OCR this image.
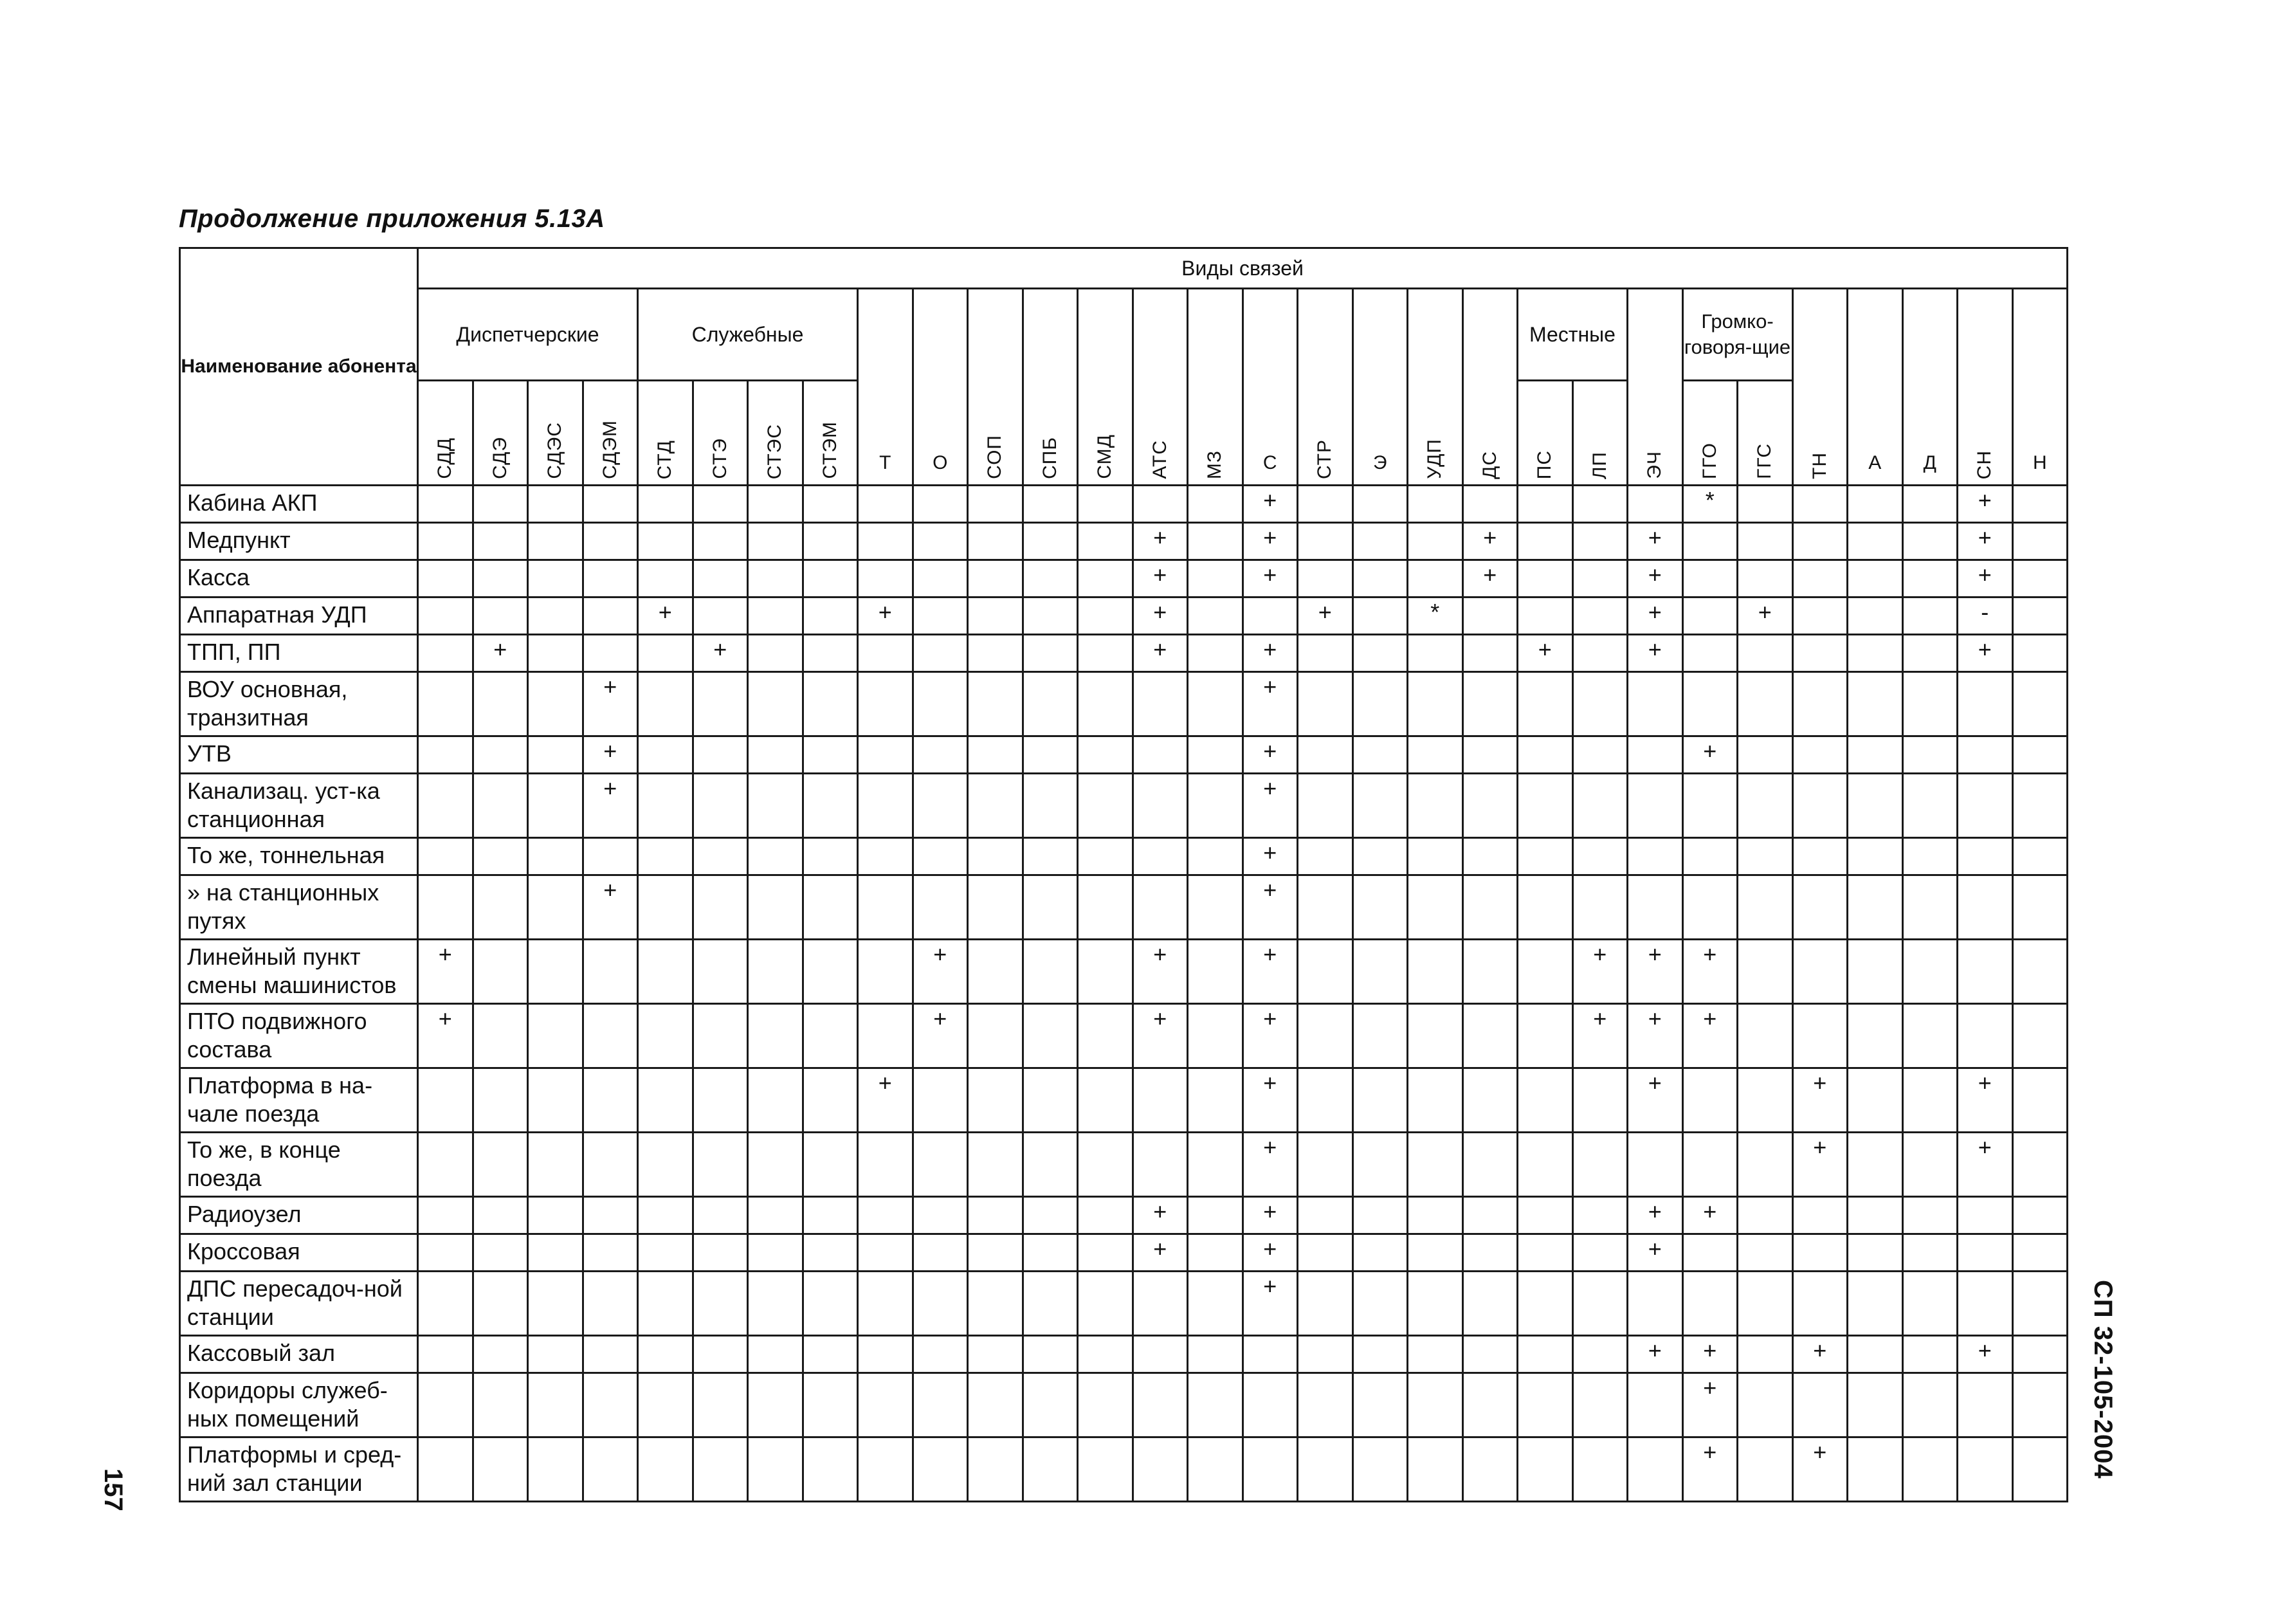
Продолжение приложения 5.13А
Наименование абонента	Виды связей																													
	Диспетчерские				Служебные				Т	О	СОП	СПБ	СМД	АТС	МЗ	С	СТР	Э	УДП	ДС	Местные		ЭЧ	Громко-говоря-щие		ТН	А	Д	СН	Н
	СДД	СДЭ	СДЭС	СДЭМ	СТД	СТЭ	СТЭС	СТЭМ													ПС	ЛП		ГГО	ГГС					
Кабина АКП																+								*					+	
Медпункт														+		+				+			+						+	
Касса														+		+				+			+						+	
Аппаратная УДП					+				+					+			+		*				+		+				-	
ТПП, ПП		+				+								+		+					+		+						+	
ВОУ основная, транзитная				+												+														
УТВ				+												+								+						
Канализац. уст-ка станционная				+												+														
То же, тоннельная																+														
» на станционных путях				+												+														
Линейный пункт смены машинистов	+									+				+		+						+	+	+						
ПТО подвижного состава	+									+				+		+						+	+	+						
Платформа в на-чале поезда									+							+							+			+			+	
То же, в конце поезда																+										+			+	
Радиоузел														+		+							+	+						
Кроссовая														+		+							+							
ДПС пересадоч-ной станции																+														
Кассовый зал																							+	+		+			+	
Коридоры служеб-ных помещений																								+						
Платформы и сред-ний зал станции																								+		+				
157
СП 32-105-2004
